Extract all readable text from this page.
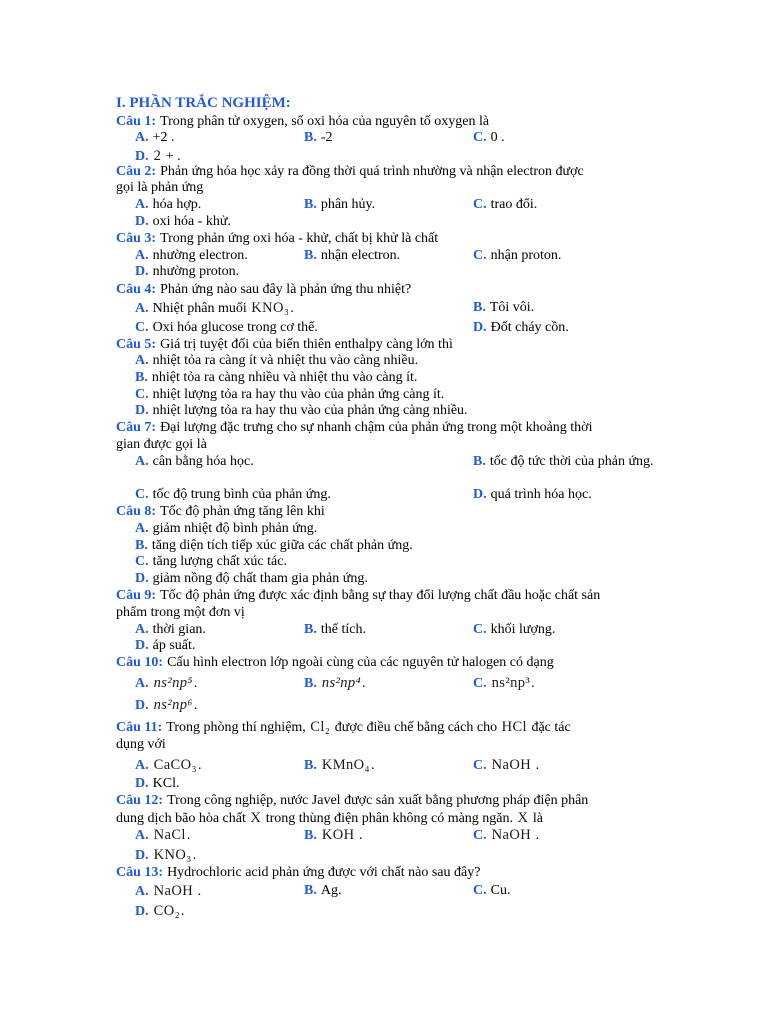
I. PHẦN TRẮC NGHIỆM:
Câu 1: Trong phân tử oxygen, số oxi hóa của nguyên tố oxygen là
A. +2 .	B. -2	C. 0 .
D. 2 + .
Câu 2: Phản ứng hóa học xảy ra đồng thời quá trình nhường và nhận electron được
gọi là phản ứng
A. hóa hợp.	B. phân hủy.	C. trao đổi.
D. oxi hóa - khử.
Câu 3: Trong phản ứng oxi hóa - khử, chất bị khử là chất
A. nhường electron.	B. nhận electron.	C. nhận proton.
D. nhường proton.
Câu 4: Phản ứng nào sau đây là phản ứng thu nhiệt?
A. Nhiệt phân muối KNO₃.	B. Tôi vôi.
C. Oxi hóa glucose trong cơ thể.	D. Đốt cháy cồn.
Câu 5: Giá trị tuyệt đối của biến thiên enthalpy càng lớn thì
A. nhiệt tỏa ra càng ít và nhiệt thu vào càng nhiều.
B. nhiệt tỏa ra càng nhiều và nhiệt thu vào càng ít.
C. nhiệt lượng tỏa ra hay thu vào của phản ứng càng ít.
D. nhiệt lượng tỏa ra hay thu vào của phản ứng càng nhiều.
Câu 7: Đại lượng đặc trưng cho sự nhanh chậm của phản ứng trong một khoảng thời
gian được gọi là
A. cân bằng hóa học.	B. tốc độ tức thời của phản ứng.
C. tốc độ trung bình của phản ứng.	D. quá trình hóa học.
Câu 8: Tốc độ phản ứng tăng lên khi
A. giảm nhiệt độ bình phản ứng.
B. tăng diện tích tiếp xúc giữa các chất phản ứng.
C. tăng lượng chất xúc tác.
D. giảm nồng độ chất tham gia phản ứng.
Câu 9: Tốc độ phản ứng được xác định bằng sự thay đổi lượng chất đầu hoặc chất sản
phẩm trong một đơn vị
A. thời gian.	B. thể tích.	C. khối lượng.
D. áp suất.
Câu 10: Cấu hình electron lớp ngoài cùng của các nguyên tử halogen có dạng
A. ns²np⁵.	B. ns²np⁴.	C. ns²np³.
D. ns²np⁶.
Câu 11: Trong phòng thí nghiệm, Cl₂ được điều chế bằng cách cho HCl đặc tác
dụng với
A. CaCO₃.	B. KMnO₄.	C. NaOH .
D. KCl.
Câu 12: Trong công nghiệp, nước Javel được sản xuất bằng phương pháp điện phân
dung dịch bão hòa chất X trong thùng điện phân không có màng ngăn. X là
A. NaCl.	B. KOH .	C. NaOH .
D. KNO₃.
Câu 13: Hydrochloric acid phản ứng được với chất nào sau đây?
A. NaOH .	B. Ag.	C. Cu.
D. CO₂.
